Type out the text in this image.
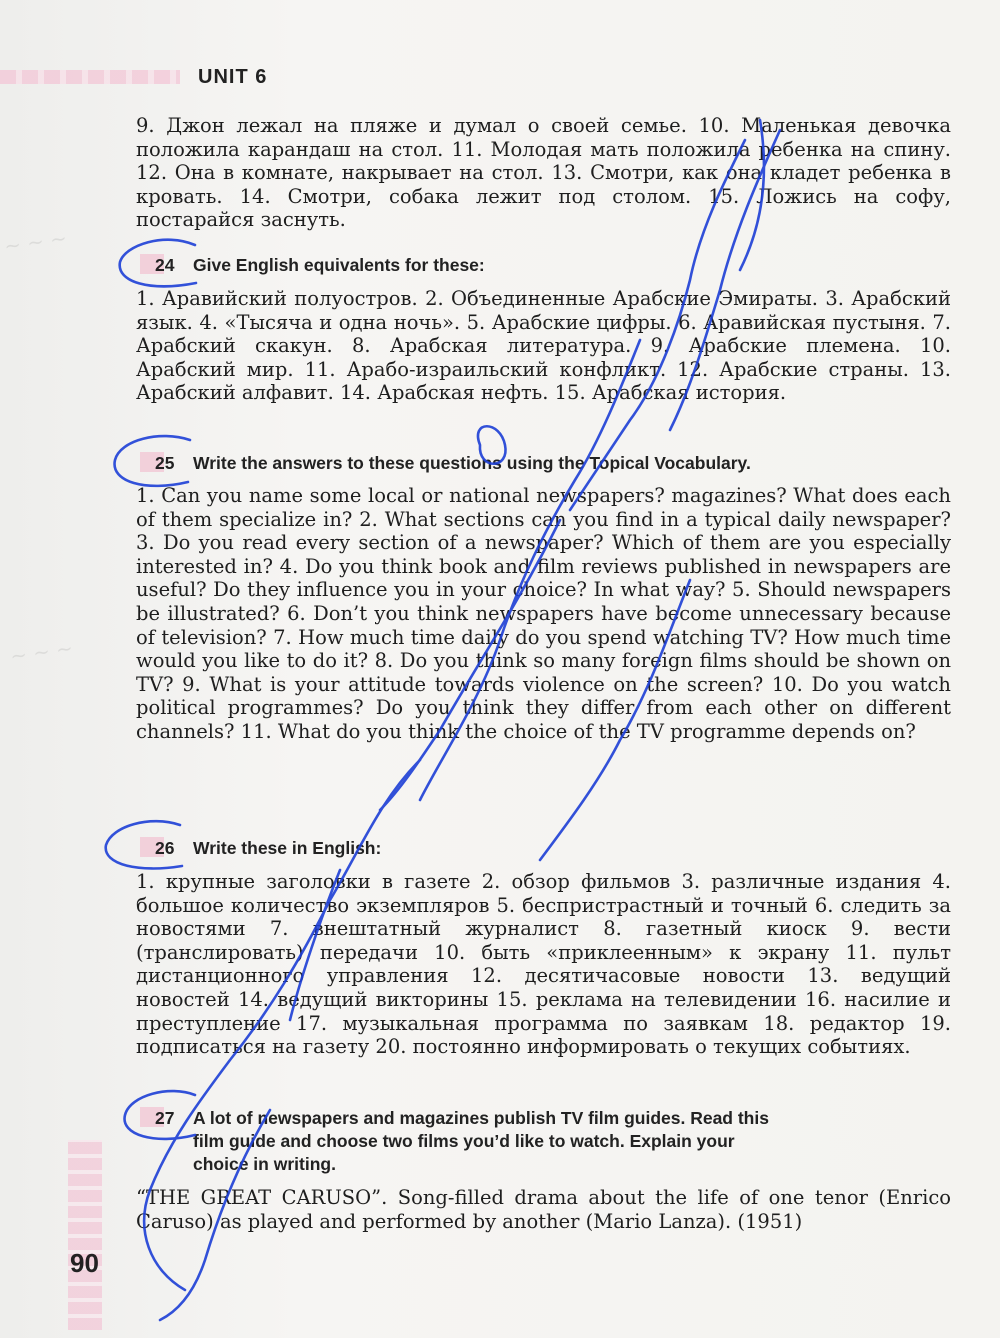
UNIT 6
9. Джон лежал на пляже и думал о своей семье. 10. Маленькая девочка положила карандаш на стол. 11. Молодая мать положила ребенка на спину. 12. Она в комнате, накрывает на стол. 13. Смотри, как она кладет ребенка в кровать. 14. Смотри, собака лежит под столом. 15. Ложись на софу, постарайся заснуть.
24 Give English equivalents for these:
1. Аравийский полуостров. 2. Объединенные Арабские Эмираты. 3. Арабский язык. 4. «Тысяча и одна ночь». 5. Арабские цифры. 6. Аравийская пустыня. 7. Арабский скакун. 8. Арабская литература. 9. Арабские племена. 10. Арабский мир. 11. Арабо-израильский конфликт. 12. Арабские страны. 13. Арабский алфавит. 14. Арабская нефть. 15. Арабская история.
25 Write the answers to these questions using the Topical Vocabulary.
1. Can you name some local or national newspapers? magazines? What does each of them specialize in? 2. What sections can you find in a typical daily newspaper? 3. Do you read every section of a newspaper? Which of them are you especially interested in? 4. Do you think book and film reviews published in newspapers are useful? Do they influence you in your choice? In what way? 5. Should newspapers be illustrated? 6. Don’t you think newspapers have become unnecessary because of television? 7. How much time daily do you spend watching TV? How much time would you like to do it? 8. Do you think so many foreign films should be shown on TV? 9. What is your attitude towards violence on the screen? 10. Do you watch political programmes? Do you think they differ from each other on different channels? 11. What do you think the choice of the TV programme depends on?
26 Write these in English:
1. крупные заголовки в газете 2. обзор фильмов 3. различные издания 4. большое количество экземпляров 5. беспристрастный и точный 6. следить за новостями 7. внештатный журналист 8. газетный киоск 9. вести (транслировать) передачи 10. быть «приклеенным» к экрану 11. пульт дистанционного управления 12. десятичасовые новости 13. ведущий новостей 14. ведущий викторины 15. реклама на телевидении 16. насилие и преступление 17. музыкальная программа по заявкам 18. редактор 19. подписаться на газету 20. постоянно информировать о текущих событиях.
27 A lot of newspapers and magazines publish TV film guides. Read this
film guide and choose two films you’d like to watch. Explain your
choice in writing.
“THE GREAT CARUSO”. Song-filled drama about the life of one tenor (Enrico Caruso) as played and performed by another (Mario Lanza). (1951)
90
~ ~ ~
~ ~ ~
